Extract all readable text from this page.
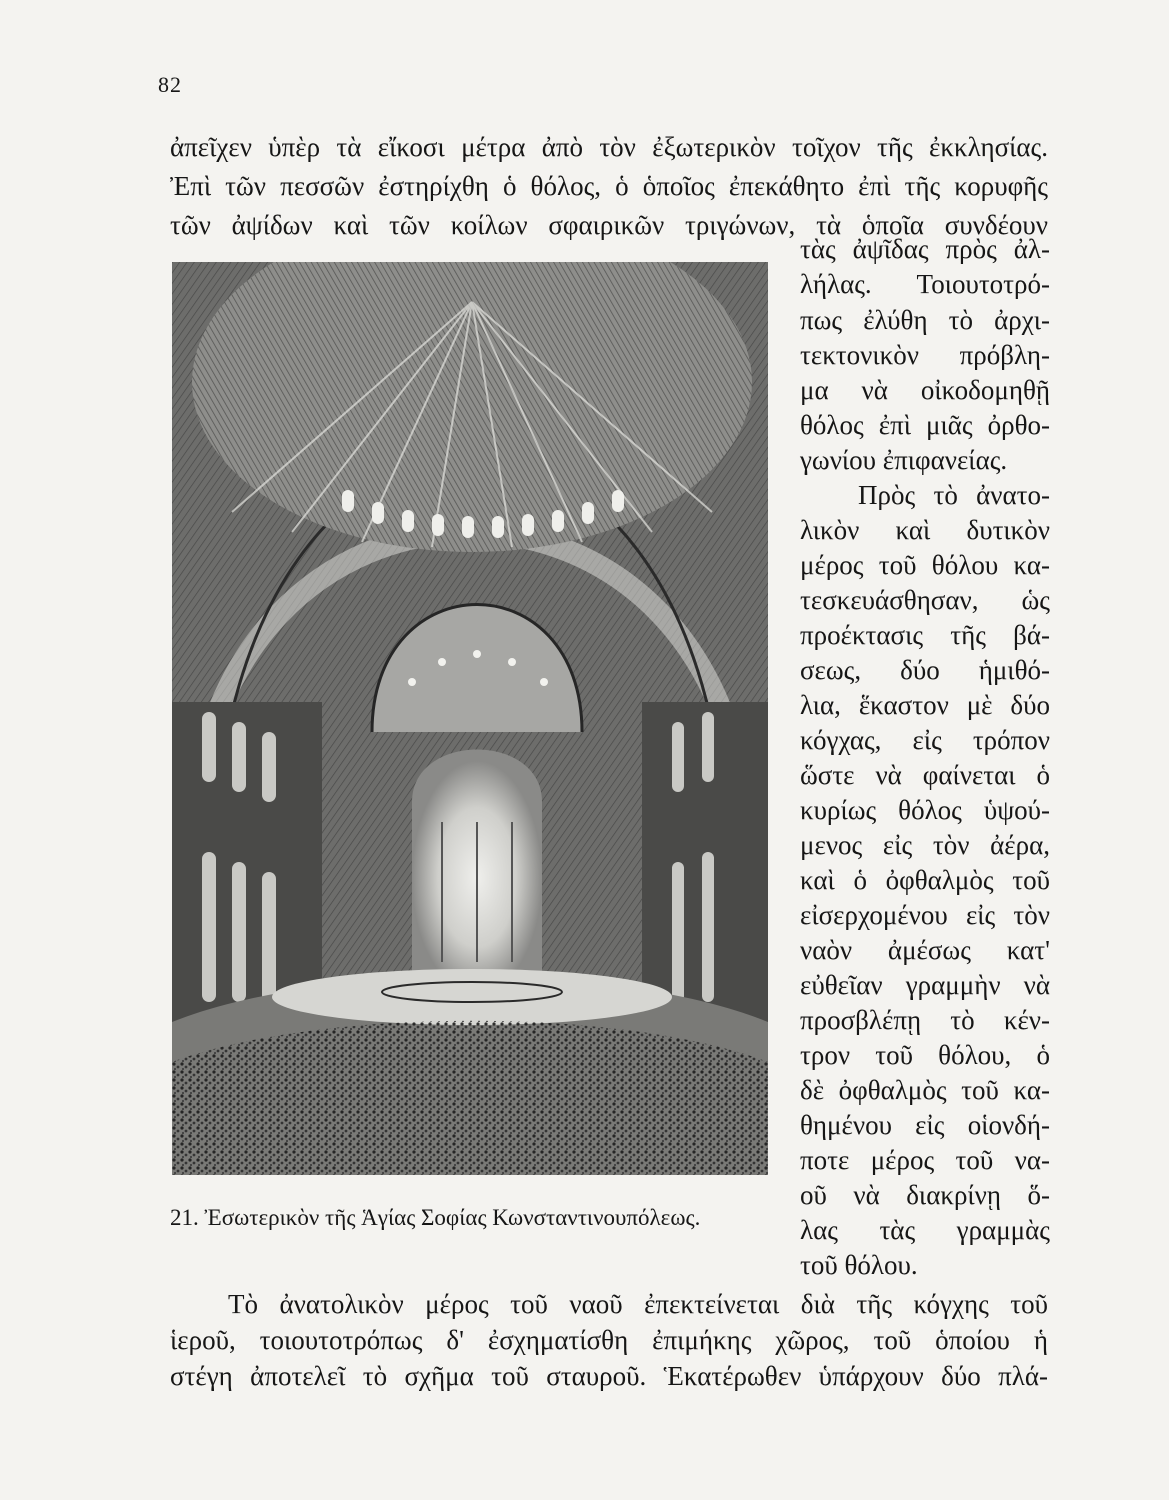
82
ἀπεῖχεν ὑπὲρ τὰ εἴκοσι μέτρα ἀπὸ τὸν ἐξωτερικὸν τοῖχον τῆς ἐκκλησίας.
Ἐπὶ τῶν πεσσῶν ἐστηρίχθη ὁ θόλος, ὁ ὁποῖος ἐπεκάθητο ἐπὶ τῆς κορυφῆς
τῶν ἀψίδων καὶ τῶν κοίλων σφαιρικῶν τριγώνων, τὰ ὁποῖα συνδέουν
τὰς ἀψῖδας πρὸς ἀλ-
λήλας. Τοιουτοτρό-
πως ἐλύθη τὸ ἀρχι-
τεκτονικὸν πρόβλη-
μα νὰ οἰκοδομηθῇ
θόλος ἐπὶ μιᾶς ὀρθο-
γωνίου ἐπιφανείας.
Πρὸς τὸ ἀνατο-
λικὸν καὶ δυτικὸν
μέρος τοῦ θόλου κα-
τεσκευάσθησαν, ὡς
προέκτασις τῆς βά-
σεως, δύο ἡμιθό-
λια, ἕκαστον μὲ δύο
κόγχας, εἰς τρόπον
ὥστε νὰ φαίνεται ὁ
κυρίως θόλος ὑψού-
μενος εἰς τὸν ἀέρα,
καὶ ὁ ὀφθαλμὸς τοῦ
εἰσερχομένου εἰς τὸν
ναὸν ἀμέσως κατ'
εὐθεῖαν γραμμὴν νὰ
προσβλέπῃ τὸ κέν-
τρον τοῦ θόλου, ὁ
δὲ ὀφθαλμὸς τοῦ κα-
θημένου εἰς οἱονδή-
ποτε μέρος τοῦ να-
οῦ νὰ διακρίνῃ ὅ-
λας τὰς γραμμὰς
τοῦ θόλου.
21. Ἐσωτερικὸν τῆς Ἁγίας Σοφίας Κωνσταντινουπόλεως.
Τὸ ἀνατολικὸν μέρος τοῦ ναοῦ ἐπεκτείνεται διὰ τῆς κόγχης τοῦ
ἱεροῦ, τοιουτοτρόπως δ' ἐσχηματίσθη ἐπιμήκης χῶρος, τοῦ ὁποίου ἡ
στέγη ἀποτελεῖ τὸ σχῆμα τοῦ σταυροῦ. Ἑκατέρωθεν ὑπάρχουν δύο πλά-
